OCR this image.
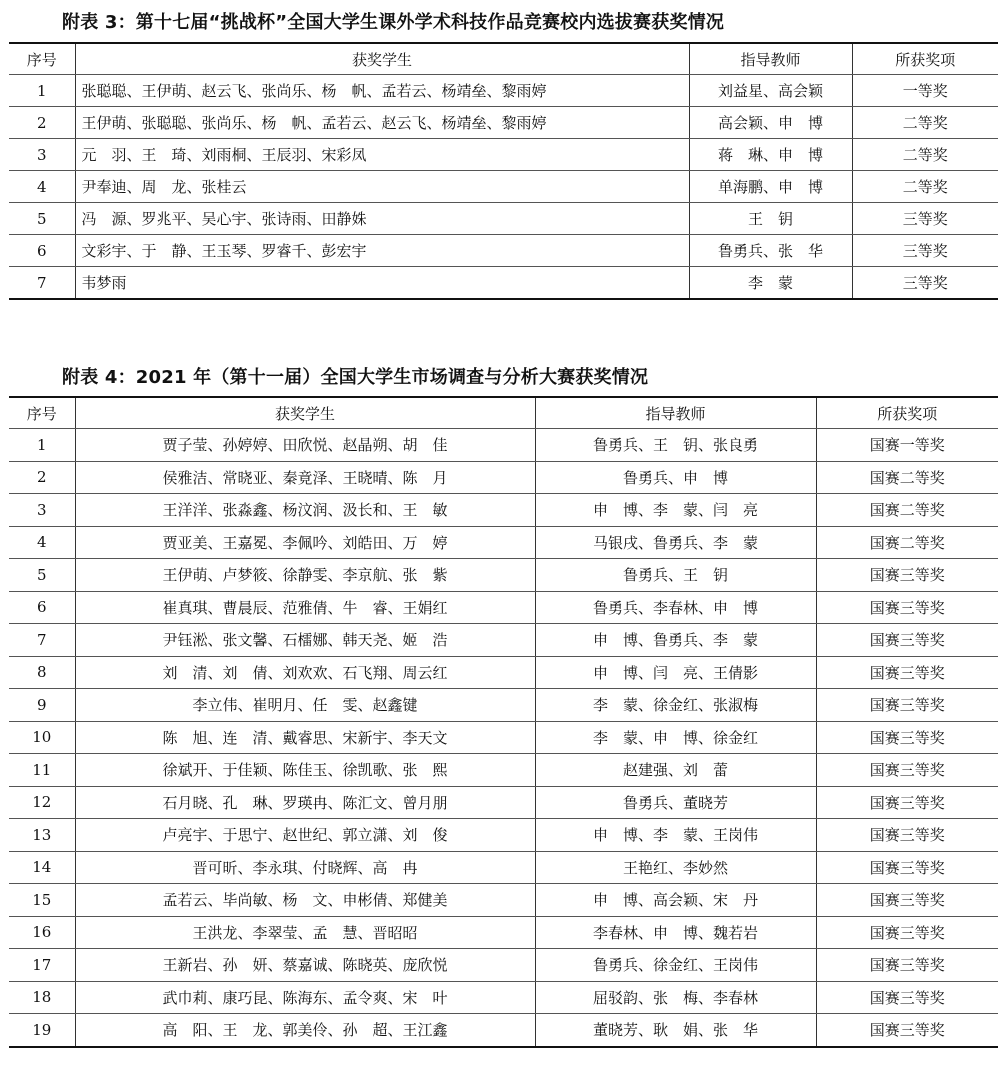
附表 3：第十七届“挑战杯”全国大学生课外学术科技作品竞赛校内选拔赛获奖情况
序号	获奖学生	指导教师	所获奖项
1	张聪聪、王伊萌、赵云飞、张尚乐、杨　帆、孟若云、杨靖垒、黎雨婷	刘益星、高会颖	一等奖
2	王伊萌、张聪聪、张尚乐、杨　帆、孟若云、赵云飞、杨靖垒、黎雨婷	高会颖、申　博	二等奖
3	元　羽、王　琦、刘雨桐、王辰羽、宋彩凤	蒋　琳、申　博	二等奖
4	尹奉迪、周　龙、张桂云	单海鹏、申　博	二等奖
5	冯　源、罗兆平、吴心宇、张诗雨、田静姝	王　钥	三等奖
6	文彩宇、于　静、王玉琴、罗睿千、彭宏宇	鲁勇兵、张　华	三等奖
7	韦梦雨	李　蒙	三等奖
附表 4：2021 年（第十一届）全国大学生市场调查与分析大赛获奖情况
序号	获奖学生	指导教师	所获奖项
1	贾子莹、孙婷婷、田欣悦、赵晶朔、胡　佳	鲁勇兵、王　钥、张良勇	国赛一等奖
2	侯雅洁、常晓亚、秦竟泽、王晓晴、陈　月	鲁勇兵、申　博	国赛二等奖
3	王洋洋、张淼鑫、杨汶润、汲长和、王　敏	申　博、李　蒙、闫　亮	国赛二等奖
4	贾亚美、王嘉冕、李佩吟、刘皓田、万　婷	马银戌、鲁勇兵、李　蒙	国赛二等奖
5	王伊萌、卢梦筱、徐静雯、李京航、张　紫	鲁勇兵、王　钥	国赛三等奖
6	崔真琪、曹晨辰、范雅倩、牛　睿、王娟红	鲁勇兵、李春林、申　博	国赛三等奖
7	尹钰淞、张文馨、石檑娜、韩天尧、姬　浩	申　博、鲁勇兵、李　蒙	国赛三等奖
8	刘　清、刘　倩、刘欢欢、石飞翔、周云红	申　博、闫　亮、王倩影	国赛三等奖
9	李立伟、崔明月、任　雯、赵鑫键	李　蒙、徐金红、张淑梅	国赛三等奖
10	陈　旭、连　清、戴睿思、宋新宇、李天文	李　蒙、申　博、徐金红	国赛三等奖
11	徐斌开、于佳颖、陈佳玉、徐凯歌、张　熙	赵建强、刘　蕾	国赛三等奖
12	石月晓、孔　琳、罗瑛冉、陈汇文、曾月朋	鲁勇兵、董晓芳	国赛三等奖
13	卢亮宇、于思宁、赵世纪、郭立潇、刘　俊	申　博、李　蒙、王岗伟	国赛三等奖
14	晋可昕、李永琪、付晓辉、高　冉	王艳红、李妙然	国赛三等奖
15	孟若云、毕尚敏、杨　文、申彬倩、郑健美	申　博、高会颖、宋　丹	国赛三等奖
16	王洪龙、李翠莹、孟　慧、晋昭昭	李春林、申　博、魏若岩	国赛三等奖
17	王新岩、孙　妍、蔡嘉诚、陈晓英、庞欣悦	鲁勇兵、徐金红、王岗伟	国赛三等奖
18	武巾莉、康巧昆、陈海东、孟令爽、宋　叶	屈驳韵、张　梅、李春林	国赛三等奖
19	高　阳、王　龙、郭美伶、孙　超、王江鑫	董晓芳、耿　娟、张　华	国赛三等奖
